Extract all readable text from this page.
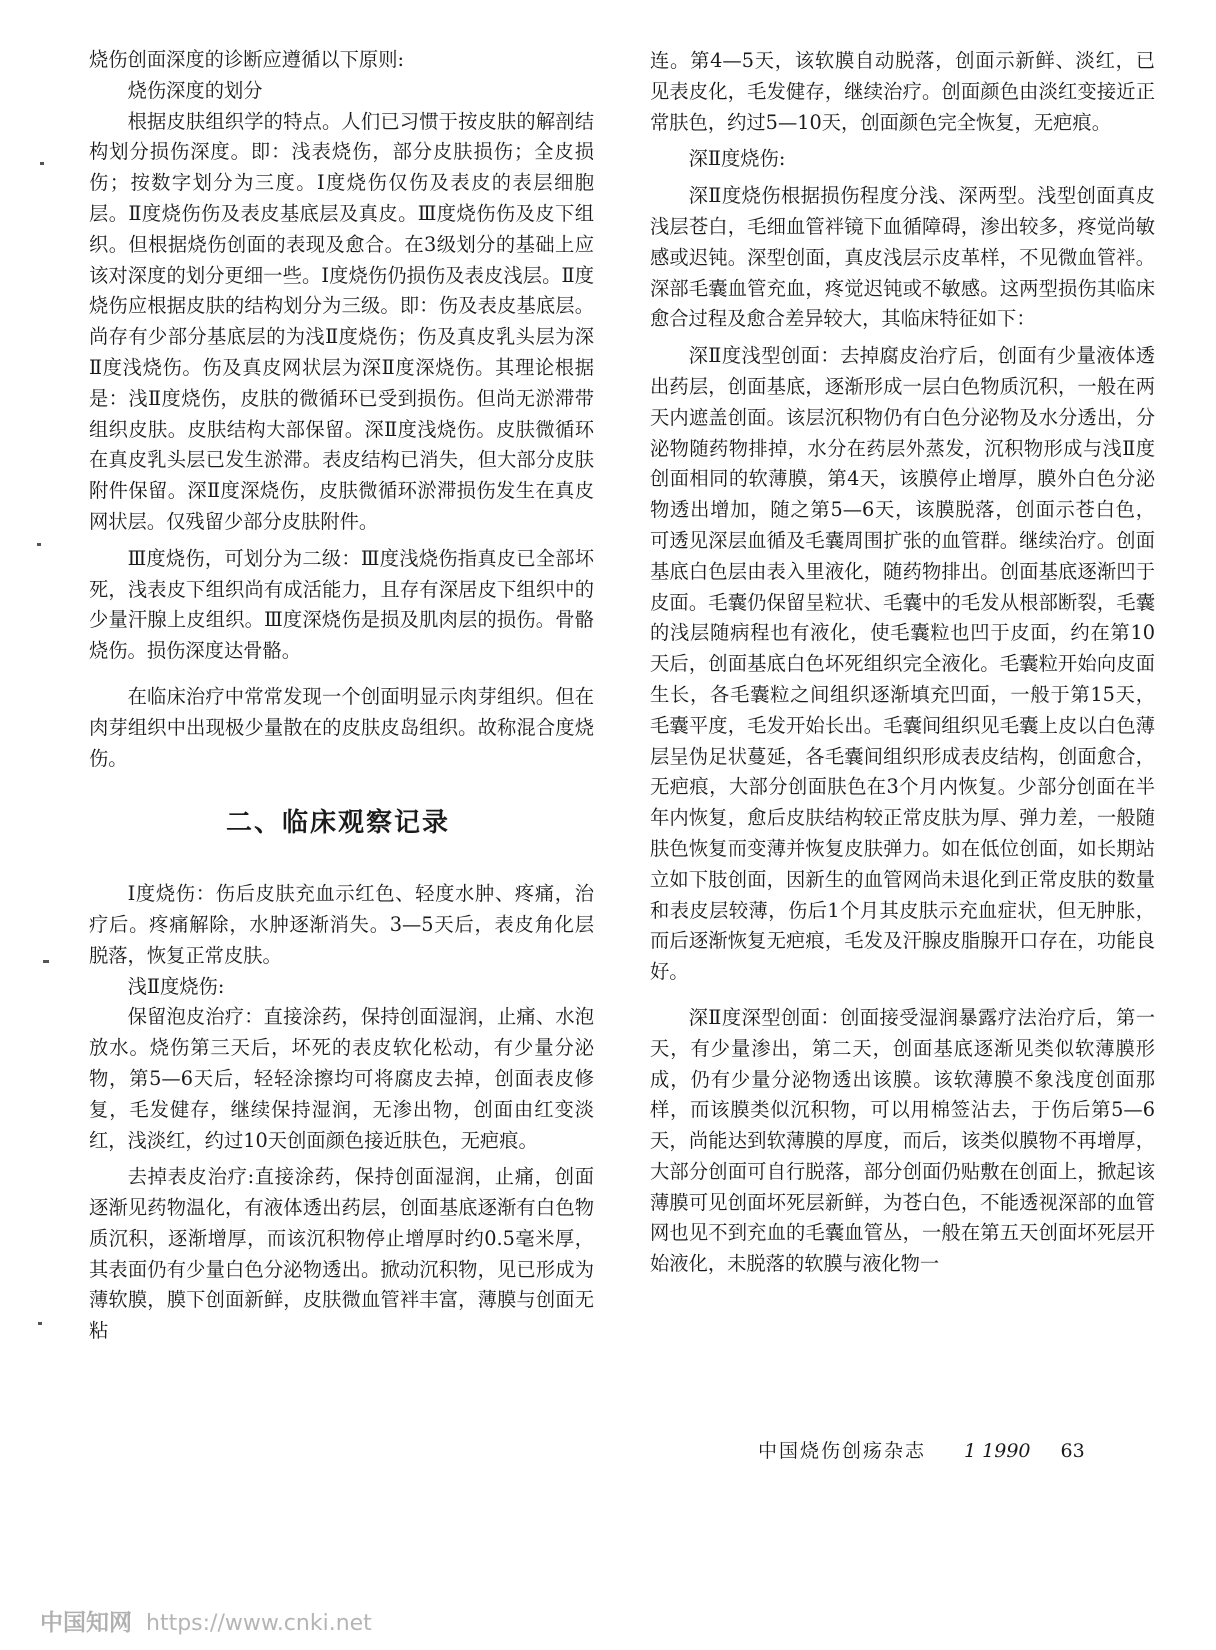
烧伤创面深度的诊断应遵循以下原则:

烧伤深度的划分

根据皮肤组织学的特点。人们已习惯于按皮肤的解剖结构划分损伤深度。即：浅表烧伤，部分皮肤损伤；全皮损伤；按数字划分为三度。Ⅰ度烧伤仅伤及表皮的表层细胞层。Ⅱ度烧伤伤及表皮基底层及真皮。Ⅲ度烧伤伤及皮下组织。但根据烧伤创面的表现及愈合。在3级划分的基础上应该对深度的划分更细一些。Ⅰ度烧伤仍损伤及表皮浅层。Ⅱ度烧伤应根据皮肤的结构划分为三级。即：伤及表皮基底层。尚存有少部分基底层的为浅Ⅱ度烧伤；伤及真皮乳头层为深Ⅱ度浅烧伤。伤及真皮网状层为深Ⅱ度深烧伤。其理论根据是：浅Ⅱ度烧伤，皮肤的微循环已受到损伤。但尚无淤滞带组织皮肤。皮肤结构大部保留。深Ⅱ度浅烧伤。皮肤微循环在真皮乳头层已发生淤滞。表皮结构已消失，但大部分皮肤附件保留。深Ⅱ度深烧伤，皮肤微循环淤滞损伤发生在真皮网状层。仅残留少部分皮肤附件。

Ⅲ度烧伤，可划分为二级：Ⅲ度浅烧伤指真皮已全部坏死，浅表皮下组织尚有成活能力，且存有深居皮下组织中的少量汗腺上皮组织。Ⅲ度深烧伤是损及肌肉层的损伤。骨骼烧伤。损伤深度达骨骼。

在临床治疗中常常发现一个创面明显示肉芽组织。但在肉芽组织中出现极少量散在的皮肤皮岛组织。故称混合度烧伤。

二、临床观察记录

Ⅰ度烧伤：伤后皮肤充血示红色、轻度水肿、疼痛，治疗后。疼痛解除，水肿逐渐消失。3—5天后，表皮角化层脱落，恢复正常皮肤。

浅Ⅱ度烧伤:

保留泡皮治疗：直接涂药，保持创面湿润，止痛、水泡放水。烧伤第三天后，坏死的表皮软化松动，有少量分泌物，第5—6天后，轻轻涂擦均可将腐皮去掉，创面表皮修复，毛发健存，继续保持湿润，无渗出物，创面由红变淡红，浅淡红，约过10天创面颜色接近肤色，无疤痕。

去掉表皮治疗:直接涂药，保持创面湿润，止痛，创面逐渐见药物温化，有液体透出药层，创面基底逐渐有白色物质沉积，逐渐增厚，而该沉积物停止增厚时约0.5毫米厚，其表面仍有少量白色分泌物透出。掀动沉积物，见已形成为薄软膜，膜下创面新鲜，皮肤微血管袢丰富，薄膜与创面无粘

连。第4—5天，该软膜自动脱落，创面示新鲜、淡红，已见表皮化，毛发健存，继续治疗。创面颜色由淡红变接近正常肤色，约过5—10天，创面颜色完全恢复，无疤痕。

深Ⅱ度烧伤:

深Ⅱ度烧伤根据损伤程度分浅、深两型。浅型创面真皮浅层苍白，毛细血管袢镜下血循障碍，渗出较多，疼觉尚敏感或迟钝。深型创面，真皮浅层示皮革样，不见微血管袢。深部毛囊血管充血，疼觉迟钝或不敏感。这两型损伤其临床愈合过程及愈合差异较大，其临床特征如下：

深Ⅱ度浅型创面：去掉腐皮治疗后，创面有少量液体透出药层，创面基底，逐渐形成一层白色物质沉积，一般在两天内遮盖创面。该层沉积物仍有白色分泌物及水分透出，分泌物随药物排掉，水分在药层外蒸发，沉积物形成与浅Ⅱ度创面相同的软薄膜，第4天，该膜停止增厚，膜外白色分泌物透出增加，随之第5—6天，该膜脱落，创面示苍白色，可透见深层血循及毛囊周围扩张的血管群。继续治疗。创面基底白色层由表入里液化，随药物排出。创面基底逐渐凹于皮面。毛囊仍保留呈粒状、毛囊中的毛发从根部断裂，毛囊的浅层随病程也有液化，使毛囊粒也凹于皮面，约在第10天后，创面基底白色坏死组织完全液化。毛囊粒开始向皮面生长，各毛囊粒之间组织逐渐填充凹面，一般于第15天，毛囊平度，毛发开始长出。毛囊间组织见毛囊上皮以白色薄层呈伪足状蔓延，各毛囊间组织形成表皮结构，创面愈合，无疤痕，大部分创面肤色在3个月内恢复。少部分创面在半年内恢复，愈后皮肤结构较正常皮肤为厚、弹力差，一般随肤色恢复而变薄并恢复皮肤弹力。如在低位创面，如长期站立如下肢创面，因新生的血管网尚未退化到正常皮肤的数量和表皮层较薄，伤后1个月其皮肤示充血症状，但无肿胀，而后逐渐恢复无疤痕，毛发及汗腺皮脂腺开口存在，功能良好。

深Ⅱ度深型创面：创面接受湿润暴露疗法治疗后，第一天，有少量渗出，第二天，创面基底逐渐见类似软薄膜形成，仍有少量分泌物透出该膜。该软薄膜不象浅度创面那样，而该膜类似沉积物，可以用棉签沾去，于伤后第5—6天，尚能达到软薄膜的厚度，而后，该类似膜物不再增厚，大部分创面可自行脱落，部分创面仍贴敷在创面上，掀起该薄膜可见创面坏死层新鲜，为苍白色，不能透视深部的血管网也见不到充血的毛囊血管丛，一般在第五天创面坏死层开始液化，未脱落的软膜与液化物一

中国烧伤创疡杂志 1 1990 63
中国知网 https://www.cnki.net
